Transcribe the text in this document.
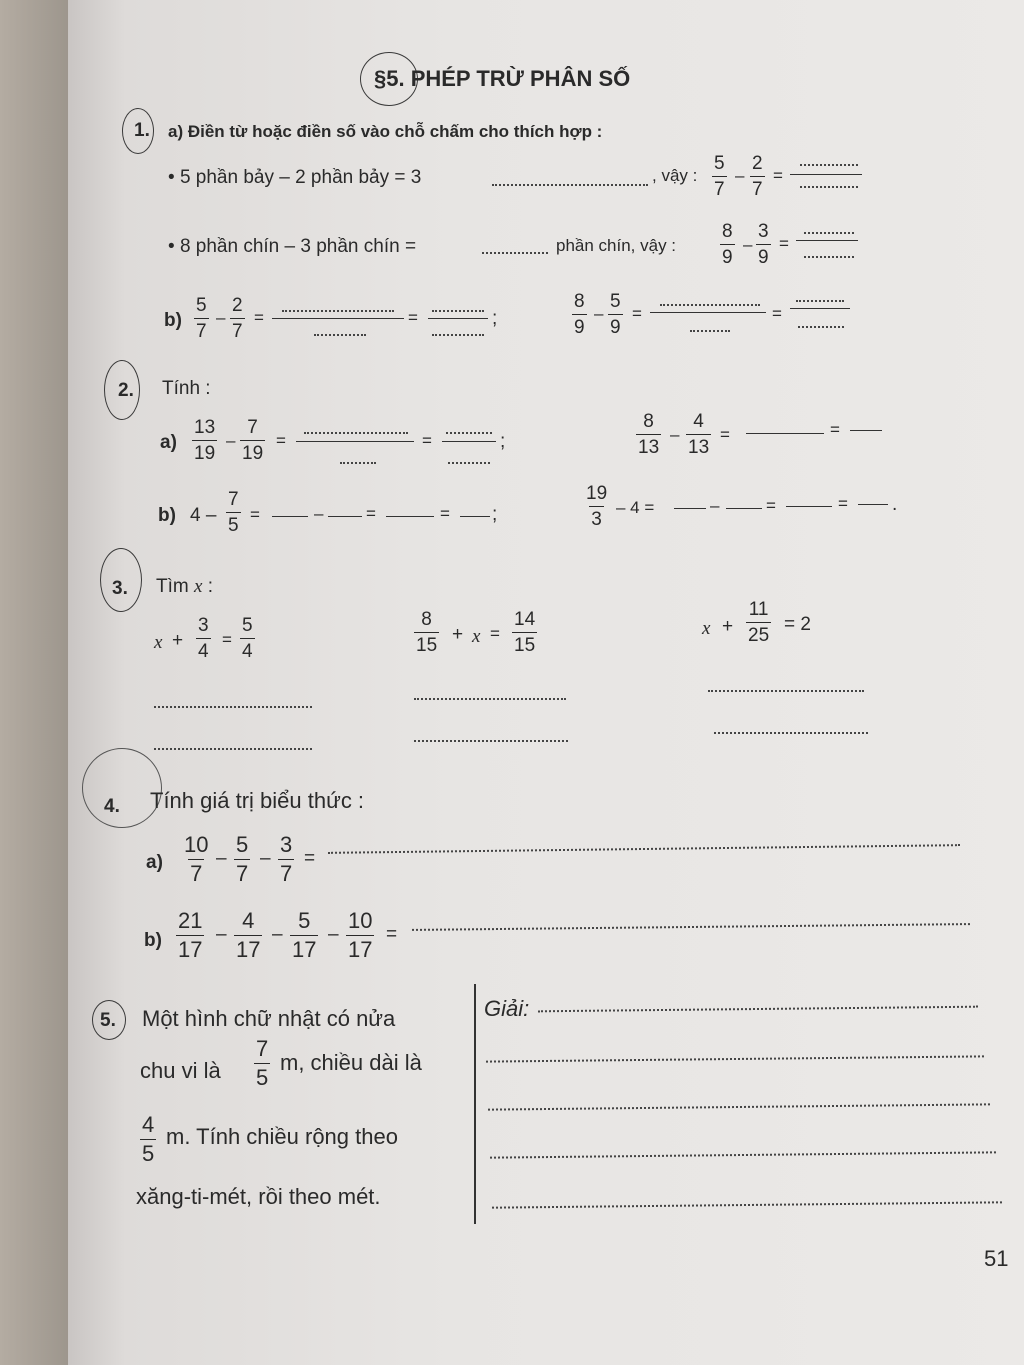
§5. PHÉP TRỪ PHÂN SỐ
1. a) Điền từ hoặc điền số vào chỗ chấm cho thích hợp :
• 5 phần bảy – 2 phần bảy = 3	, vậy : $\frac{5}{7} - \frac{2}{7}$ =
• 8 phần chín – 3 phần chín =	phần chín, vậy : $\frac{8}{9} - \frac{3}{9}$ =
$b) \frac{5}{7} - \frac{2}{7}$ =	=	;	$\frac{8}{9} - \frac{5}{9}$ =	=
2. Tính :
$a) \frac{13}{19} - \frac{7}{19}$ =	=	;	$\frac{8}{13} - \frac{4}{13}$ =	=
b) $4 - \frac{7}{5}$ =	–	=	= ;	$\frac{19}{3} - 4$ =	–	=	= .
3. Tìm x :
$x + \frac{3}{4} = \frac{5}{4}$	$\frac{8}{15} + x = \frac{14}{15}$	$x + \frac{11}{25} = 2$
4. Tính giá trị biểu thức :
$a) \frac{10}{7} - \frac{5}{7} - \frac{3}{7}$ =
$b) \frac{21}{17} - \frac{4}{17} - \frac{5}{17} - \frac{10}{17}$ =
5. Một hình chữ nhật có nửa
chu vi là $\frac{7}{5} m$, chiều dài là
$\frac{4}{5} m$. Tính chiều rộng theo
xăng-ti-mét, rồi theo mét.
Giải:
51
